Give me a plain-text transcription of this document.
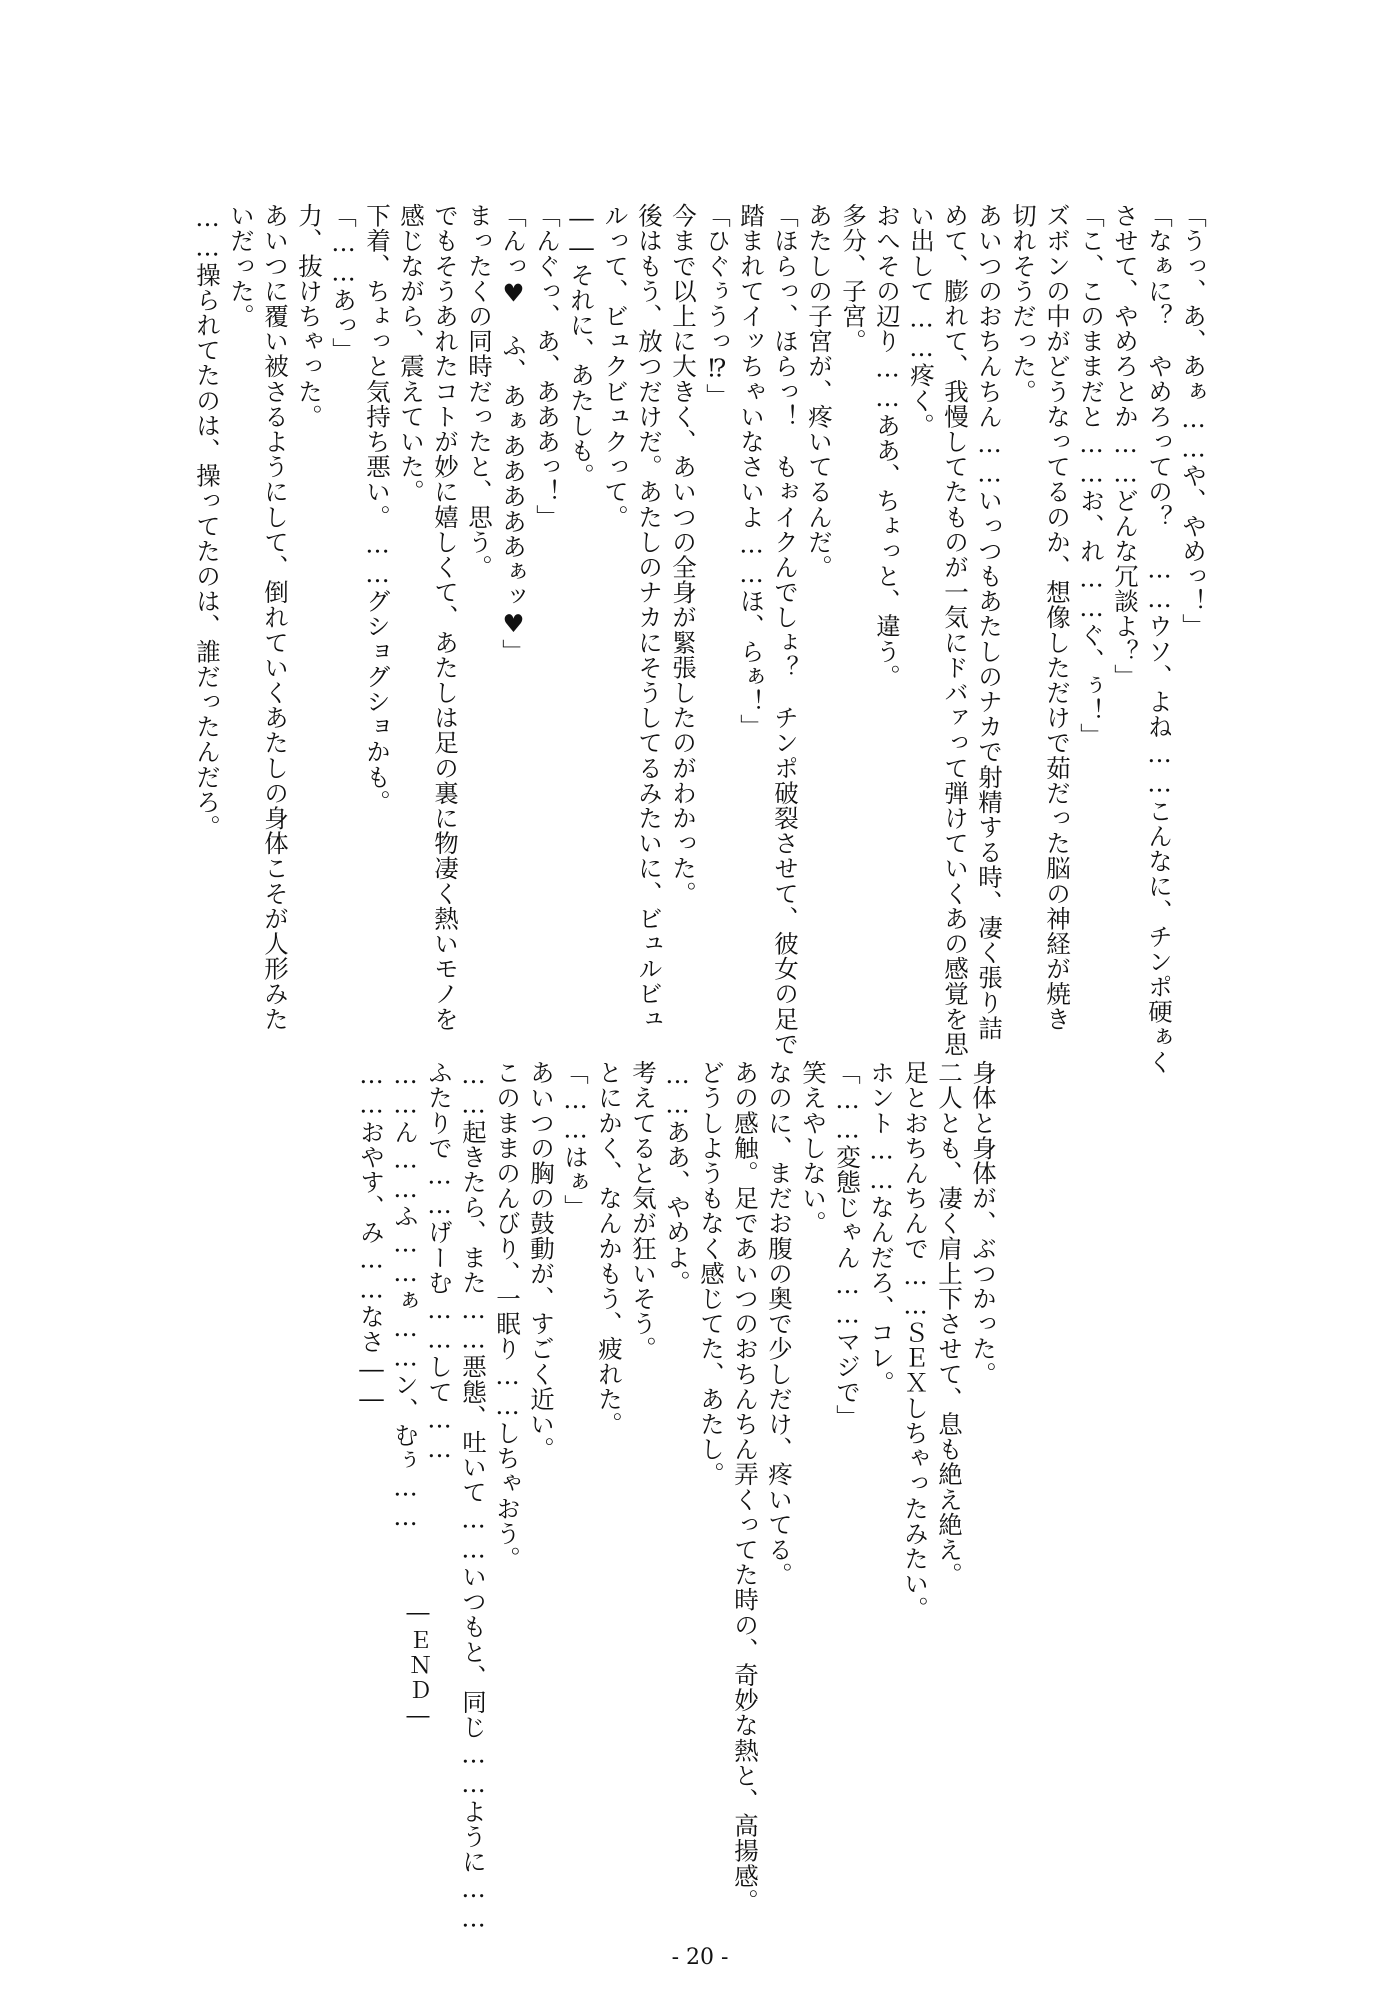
「うっ、あ、あぁ……や、やめっ！」

「なぁに？　やめろっての？　……ウソ、よね……こんなに、チンポ硬ぁく

させて、やめろとか……どんな冗談よ？」

「こ、このままだと……お、れ……ぐ、ぅ！」

ズボンの中がどうなってるのか、想像しただけで茹だった脳の神経が焼き

切れそうだった。

あいつのおちんちん……いっつもあたしのナカで射精する時、凄く張り詰

めて、膨れて、我慢してたものが一気にドバァって弾けていくあの感覚を思

い出して……疼く。

おへその辺り……ああ、ちょっと、違う。

多分、子宮。

あたしの子宮が、疼いてるんだ。

「ほらっ、ほらっ！　もぉイクんでしょ？　チンポ破裂させて、彼女の足で

踏まれてイッちゃいなさいよ……ほ、らぁ！」

「ひぐぅうっ⁉」

今まで以上に大きく、あいつの全身が緊張したのがわかった。

後はもう、放つだけだ。あたしのナカにそうしてるみたいに、ビュルビュ

ルって、ビュクビュクって。

――それに、あたしも。

「んぐっ、あ、あああっ！」

「んっ♥　ふ、あぁあああああぁッ♥」

まったくの同時だったと、思う。

でもそうあれたコトが妙に嬉しくて、あたしは足の裏に物凄く熱いモノを

感じながら、震えていた。

下着、ちょっと気持ち悪い。……グショグショかも。

「……あっ」

力、抜けちゃった。

あいつに覆い被さるようにして、倒れていくあたしの身体こそが人形みた

いだった。

……操られてたのは、操ってたのは、誰だったんだろ。

身体と身体が、ぶつかった。

二人とも、凄く肩上下させて、息も絶え絶え。

足とおちんちんで……ＳＥＸしちゃったみたい。

ホント……なんだろ、コレ。

「……変態じゃん……マジで」

笑えやしない。

なのに、まだお腹の奥で少しだけ、疼いてる。

あの感触。足であいつのおちんちん弄くってた時の、奇妙な熱と、高揚感。

どうしようもなく感じてた、あたし。

……ああ、やめよ。

考えてると気が狂いそう。

とにかく、なんかもう、疲れた。

「……はぁ」

あいつの胸の鼓動が、すごく近い。

このままのんびり、一眠り……しちゃおう。

……起きたら、また……悪態、吐いて……いつもと、同じ……ように……

ふたりで……げーむ……して……

……ん……ふ……ぁ……ン、むぅ……

……おやす、み……なさ――

―ＥＮＤ―
- 20 -
